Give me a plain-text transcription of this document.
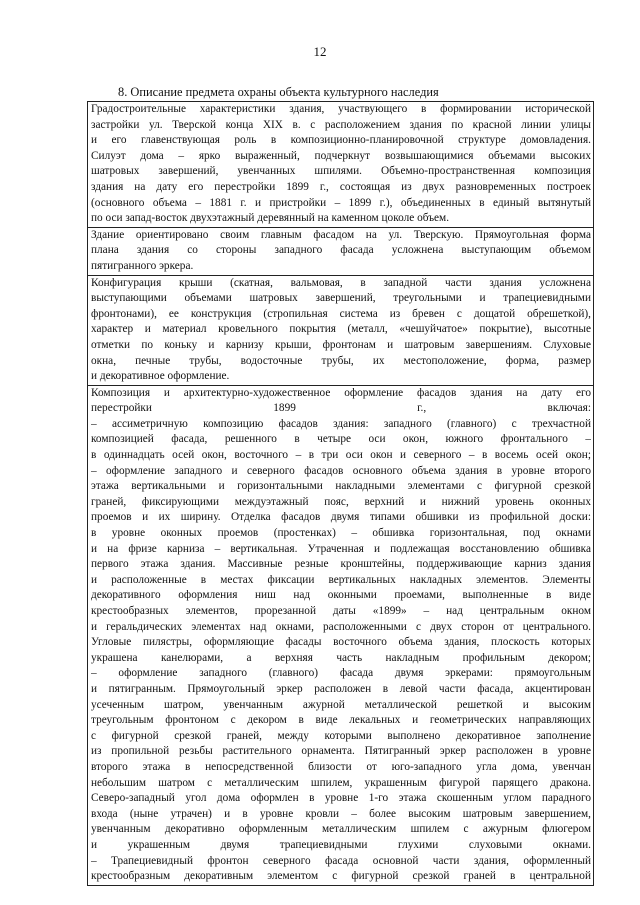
12
8. Описание предмета охраны объекта культурного наследия
Градостроительные характеристики здания, участвующего в формировании исторической
застройки ул. Тверской конца XIX в. с расположением здания по красной линии улицы
и его главенствующая роль в композиционно-планировочной структуре домовладения.
Силуэт дома – ярко выраженный, подчеркнут возвышающимися объемами высоких
шатровых завершений, увенчанных шпилями. Объемно-пространственная композиция
здания на дату его перестройки 1899 г., состоящая из двух разновременных построек
(основного объема – 1881 г. и пристройки – 1899 г.), объединенных в единый вытянутый
по оси запад-восток двухэтажный деревянный на каменном цоколе объем.
Здание ориентировано своим главным фасадом на ул. Тверскую. Прямоугольная форма
плана здания со стороны западного фасада усложнена выступающим объемом
пятигранного эркера.
Конфигурация крыши (скатная, вальмовая, в западной части здания усложнена
выступающими объемами шатровых завершений, треугольными и трапециевидными
фронтонами), ее конструкция (стропильная система из бревен с дощатой обрешеткой),
характер и материал кровельного покрытия (металл, «чешуйчатое» покрытие), высотные
отметки по коньку и карнизу крыши, фронтонам и шатровым завершениям. Слуховые
окна, печные трубы, водосточные трубы, их местоположение, форма, размер
и декоративное оформление.
Композиция и архитектурно-художественное оформление фасадов здания на дату его
перестройки 1899 г., включая:
– ассиметричную композицию фасадов здания: западного (главного) с трехчастной
композицией фасада, решенного в четыре оси окон, южного фронтального –
в одиннадцать осей окон, восточного – в три оси окон и северного – в восемь осей окон;
– оформление западного и северного фасадов основного объема здания в уровне второго
этажа вертикальными и горизонтальными накладными элементами с фигурной срезкой
граней, фиксирующими междуэтажный пояс, верхний и нижний уровень оконных
проемов и их ширину. Отделка фасадов двумя типами обшивки из профильной доски:
в уровне оконных проемов (простенках) – обшивка горизонтальная, под окнами
и на фризе карниза – вертикальная. Утраченная и подлежащая восстановлению обшивка
первого этажа здания. Массивные резные кронштейны, поддерживающие карниз здания
и расположенные в местах фиксации вертикальных накладных элементов. Элементы
декоративного оформления ниш над оконными проемами, выполненные в виде
крестообразных элементов, прорезанной даты «1899» – над центральным окном
и геральдических элементах над окнами, расположенными с двух сторон от центрального.
Угловые пилястры, оформляющие фасады восточного объема здания, плоскость которых
украшена канелюрами, а верхняя часть накладным профильным декором;
– оформление западного (главного) фасада двумя эркерами: прямоугольным
и пятигранным. Прямоугольный эркер расположен в левой части фасада, акцентирован
усеченным шатром, увенчанным ажурной металлической решеткой и высоким
треугольным фронтоном с декором в виде лекальных и геометрических направляющих
с фигурной срезкой граней, между которыми выполнено декоративное заполнение
из пропильной резьбы растительного орнамента. Пятигранный эркер расположен в уровне
второго этажа в непосредственной близости от юго-западного угла дома, увенчан
небольшим шатром с металлическим шпилем, украшенным фигурой парящего дракона.
Северо-западный угол дома оформлен в уровне 1-го этажа скошенным углом парадного
входа (ныне утрачен) и в уровне кровли – более высоким шатровым завершением,
увенчанным декоративно оформленным металлическим шпилем с ажурным флюгером
и украшенным двумя трапециевидными глухими слуховыми окнами.
– Трапециевидный фронтон северного фасада основной части здания, оформленный
крестообразным декоративным элементом с фигурной срезкой граней в центральной
